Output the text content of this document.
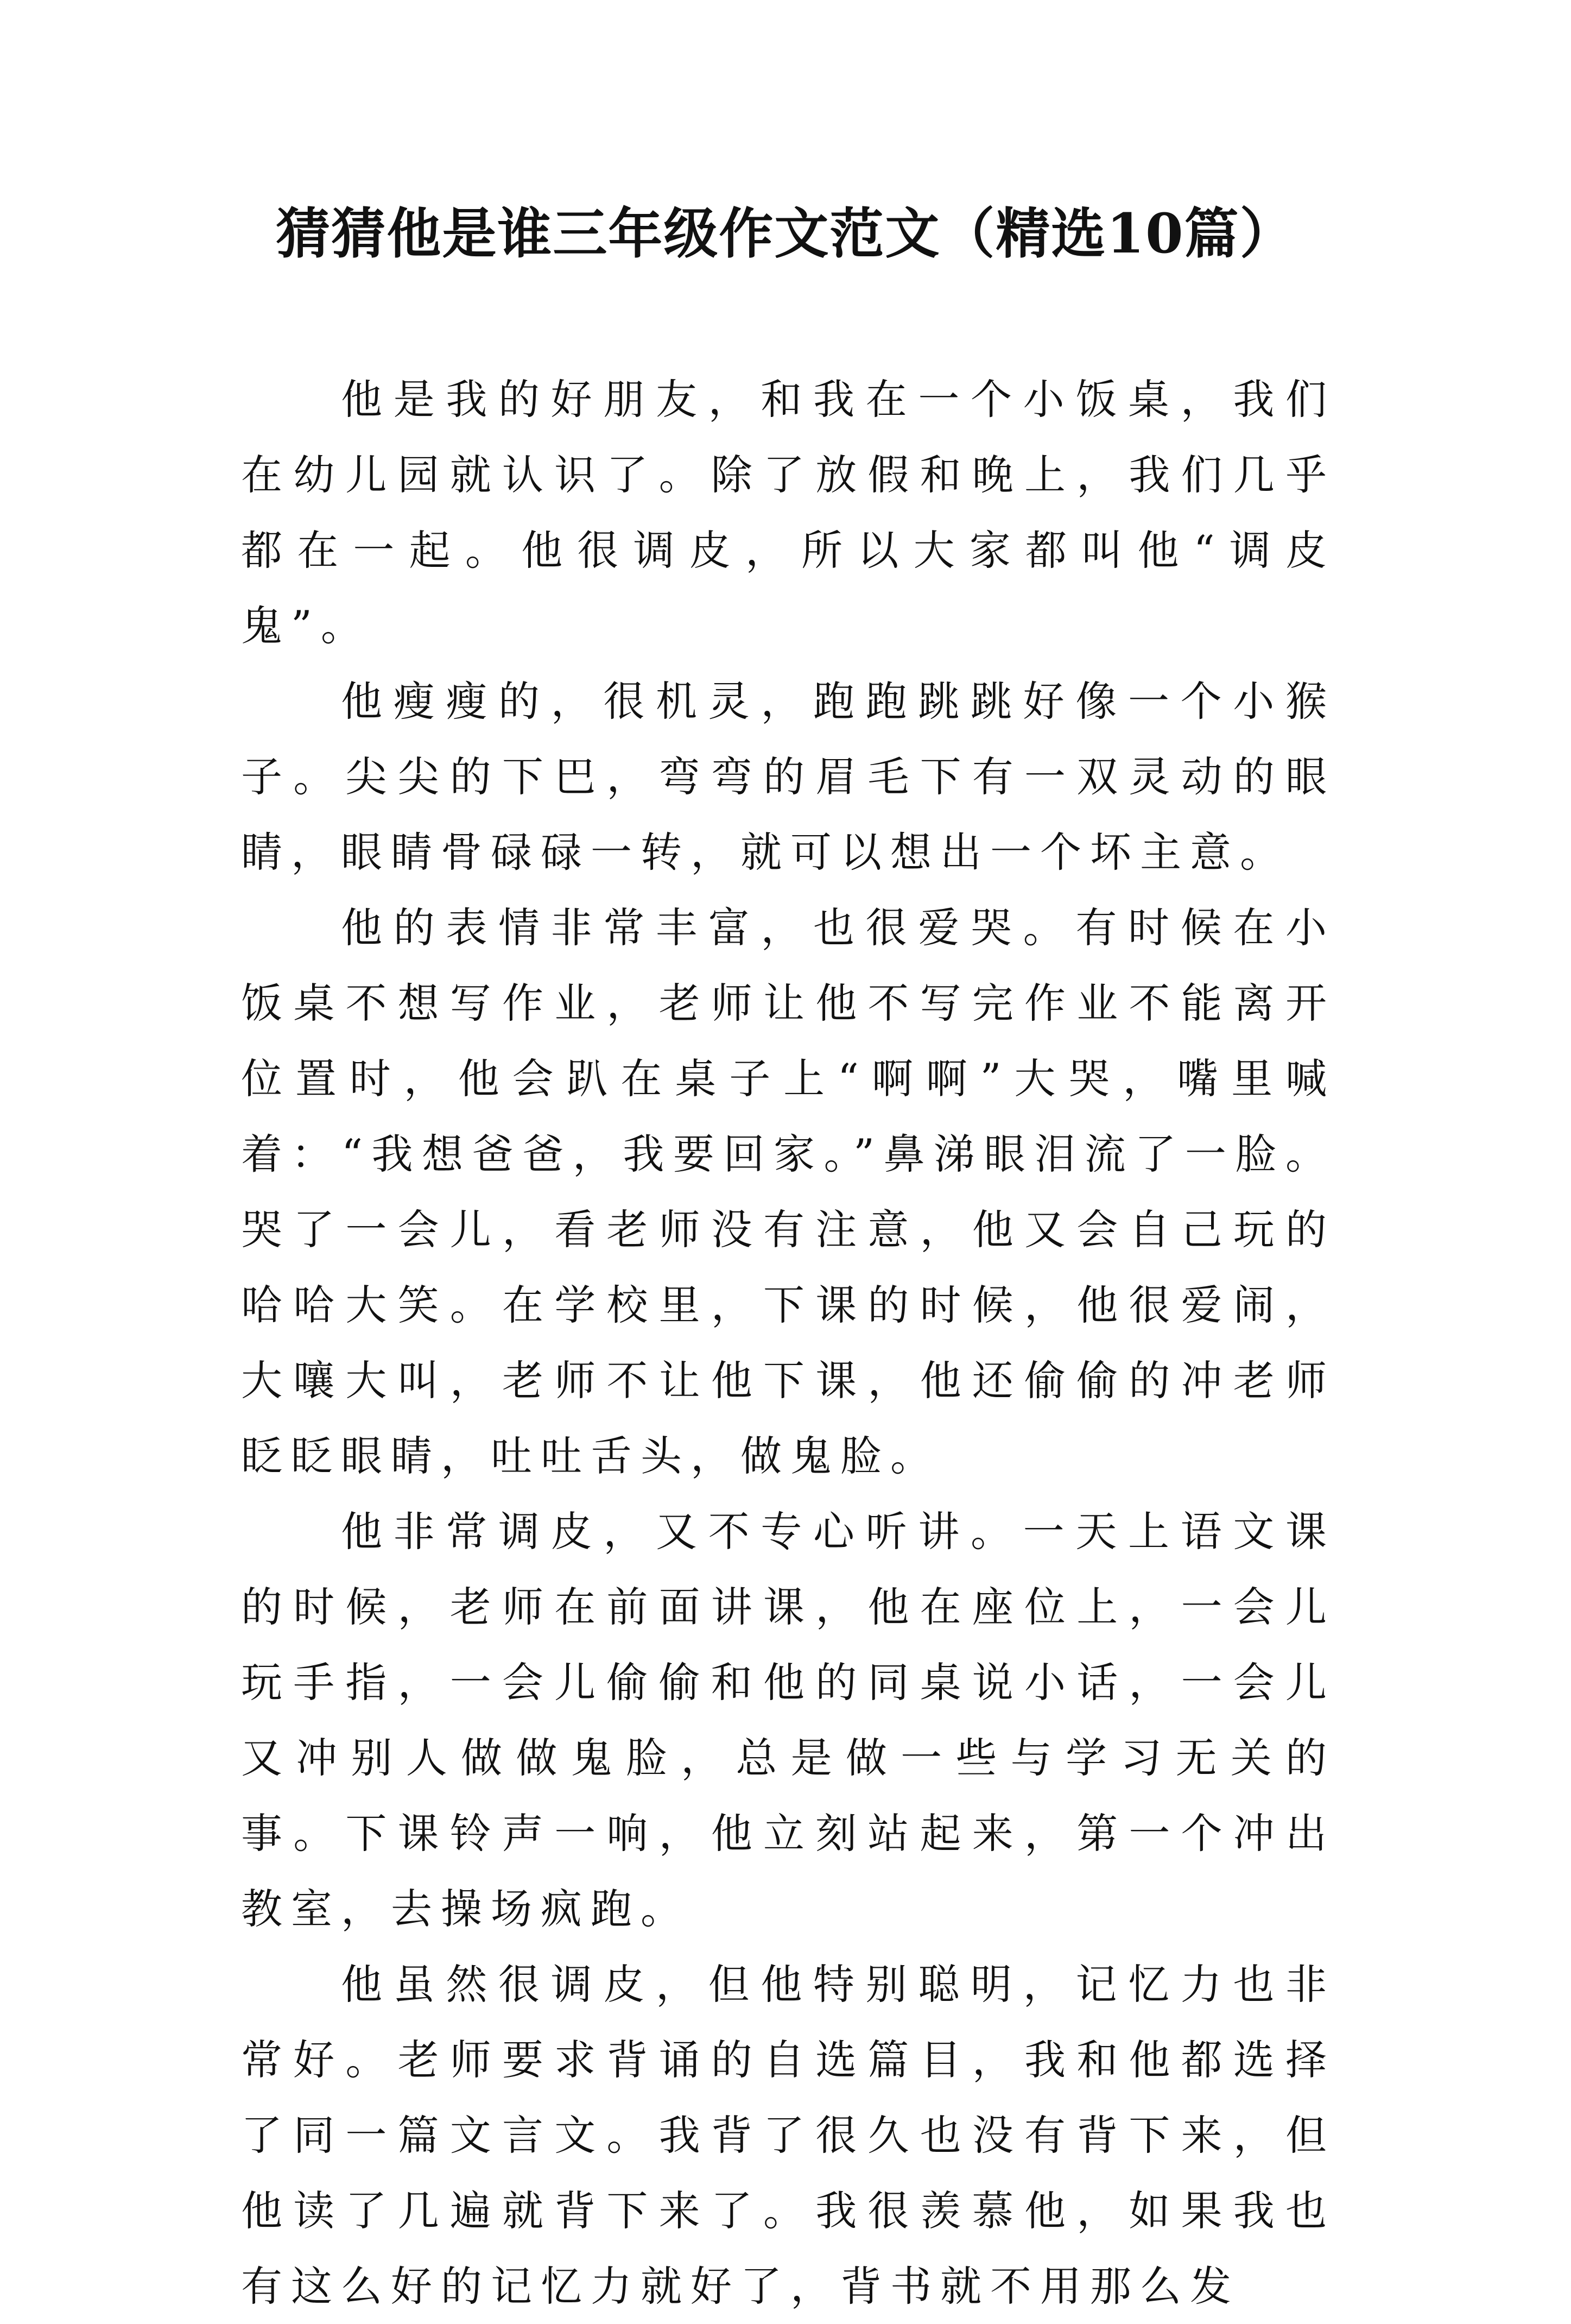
猜猜他是谁三年级作文范文（精选10篇）

他是我的好朋友，和我在一个小饭桌，我们在幼儿园就认识了。除了放假和晚上，我们几乎都在一起。他很调皮，所以大家都叫他“调皮鬼”。

他瘦瘦的，很机灵，跑跑跳跳好像一个小猴子。尖尖的下巴，弯弯的眉毛下有一双灵动的眼睛，眼睛骨碌碌一转，就可以想出一个坏主意。

他的表情非常丰富，也很爱哭。有时候在小饭桌不想写作业，老师让他不写完作业不能离开位置时，他会趴在桌子上“啊啊”大哭，嘴里喊着：“我想爸爸，我要回家。”鼻涕眼泪流了一脸。哭了一会儿，看老师没有注意，他又会自己玩的哈哈大笑。在学校里，下课的时候，他很爱闹，大嚷大叫，老师不让他下课，他还偷偷的冲老师眨眨眼睛，吐吐舌头，做鬼脸。

他非常调皮，又不专心听讲。一天上语文课的时候，老师在前面讲课，他在座位上，一会儿玩手指，一会儿偷偷和他的同桌说小话，一会儿又冲别人做做鬼脸，总是做一些与学习无关的事。下课铃声一响，他立刻站起来，第一个冲出教室，去操场疯跑。

他虽然很调皮，但他特别聪明，记忆力也非常好。老师要求背诵的自选篇目，我和他都选择了同一篇文言文。我背了很久也没有背下来，但他读了几遍就背下来了。我很羡慕他，如果我也有这么好的记忆力就好了，背书就不用那么发
